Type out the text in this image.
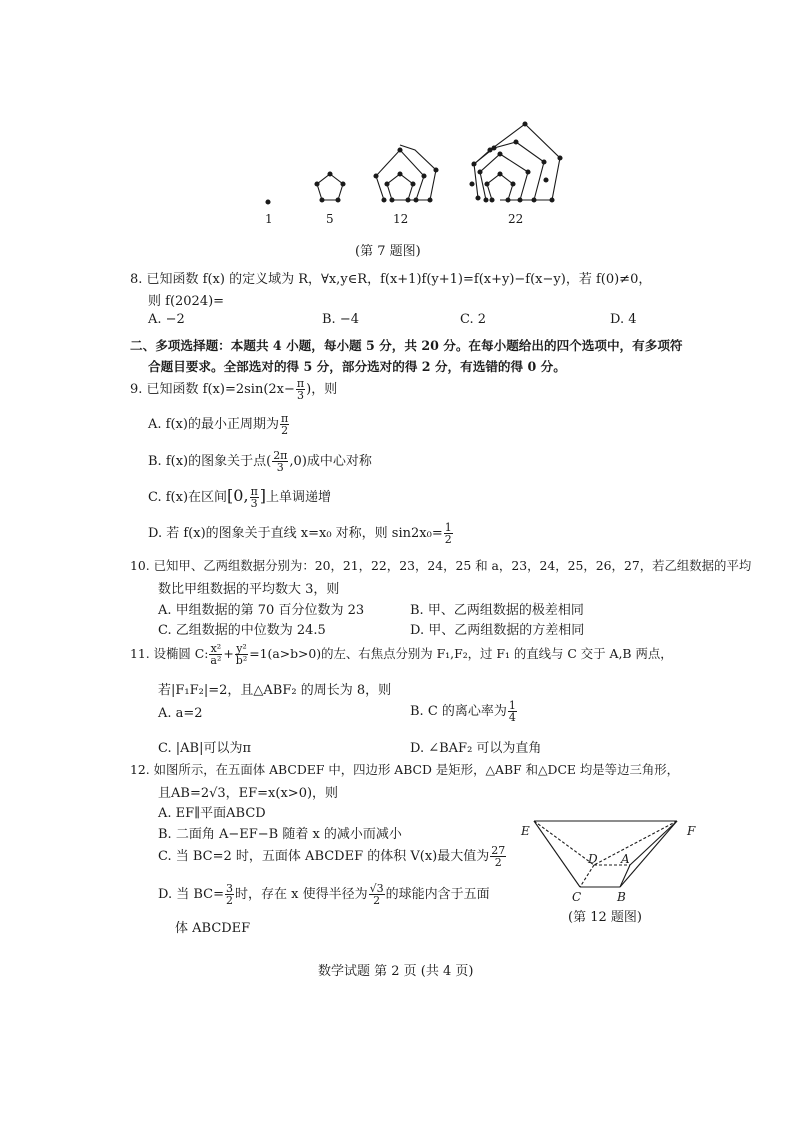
1	5	12	22
(第 7 题图)
8. 已知函数 f(x) 的定义域为 R，∀x,y∈R，f(x+1)f(y+1)=f(x+y)−f(x−y)，若 f(0)≠0，
则 f(2024)=
A. −2	B. −4	C. 2	D. 4
二、多项选择题：本题共 4 小题，每小题 5 分，共 20 分。在每小题给出的四个选项中，有多项符
合题目要求。全部选对的得 5 分，部分选对的得 2 分，有选错的得 0 分。
9. 已知函数 $f(x)=2\sin(2x- \frac{\pi}{3}$ )，则
A. f(x)的最小正周期为 $\frac{\pi}{2}$
B. f(x)的图象关于点( $\frac{2\pi}{3} ,0$)成中心对称
C. f(x)在区间[0, $\frac{\pi}{3}$ ]上单调递增
D. 若 f(x)的图象关于直线 x=x₀ 对称，则 $\sin 2x_0= \frac{1}{2}$
10. 已知甲、乙两组数据分别为：20，21，22，23，24，25 和 a，23，24，25，26，27，若乙组数据的平均
数比甲组数据的平均数大 3，则
A. 甲组数据的第 70 百分位数为 23	B. 甲、乙两组数据的极差相同
C. 乙组数据的中位数为 24.5	D. 甲、乙两组数据的方差相同
11. 设椭圆 C: $\frac{\text{x²}}{\text{a²}} + \frac{\text{y²}}{\text{b²}} =1(a>b>0)$的左、右焦点分别为 F₁,F₂，过 F₁ 的直线与 C 交于 A,B 两点，
若|F₁F₂|=2，且△ABF₂ 的周长为 8，则
A. a=2	B. C 的离心率为 $\frac{1}{4}$
C. |AB|可以为π	D. ∠BAF₂ 可以为直角
12. 如图所示，在五面体 ABCDEF 中，四边形 ABCD 是矩形，△ABF 和△DCE 均是等边三角形，
且AB=2√3，EF=x(x>0)，则
A. EF∥平面ABCD
B. 二面角 A−EF−B 随着 x 的减小而减小
C. 当 BC=2 时，五面体 ABCDEF 的体积 V(x)最大值为 $\frac{27}{2}$
D. 当 $BC= \frac{3}{2}$ 时，存在 x 使得半径为 $\frac{√3}{2}$ 的球能内含于五面
体 ABCDEF
E	F
D A
C	B
(第 12 题图)
数学试题 第 2 页 (共 4 页)
